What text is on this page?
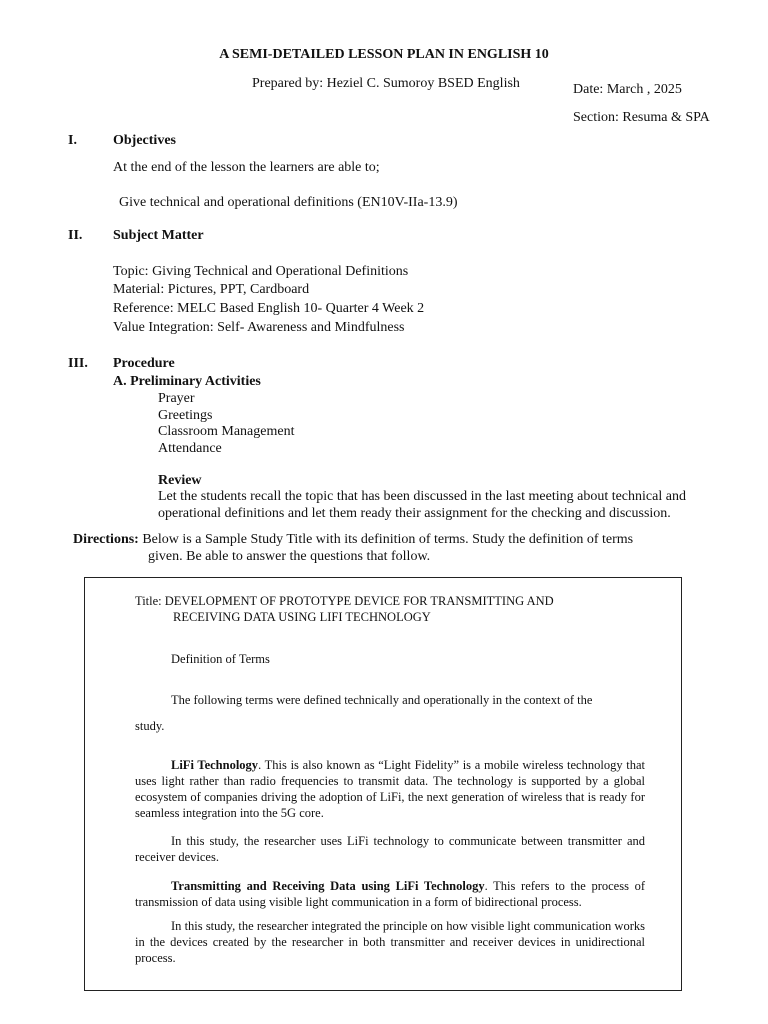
A SEMI-DETAILED LESSON PLAN IN ENGLISH 10
Prepared by: Heziel C. Sumoroy BSED English	Date: March , 2025
Section: Resuma & SPA
I.	Objectives
At the end of the lesson the learners are able to;
Give technical and operational definitions (EN10V-IIa-13.9)
II. Subject Matter
Topic: Giving Technical and Operational Definitions
Material: Pictures, PPT, Cardboard
Reference: MELC Based English 10- Quarter 4 Week 2
Value Integration: Self- Awareness and Mindfulness
III. Procedure
A. Preliminary Activities
Prayer
Greetings
Classroom Management
Attendance
Review
Let the students recall the topic that has been discussed in the last meeting about technical and operational definitions and let them ready their assignment for the checking and discussion.
Directions: Below is a Sample Study Title with its definition of terms. Study the definition of terms
given. Be able to answer the questions that follow.
Title: DEVELOPMENT OF PROTOTYPE DEVICE FOR TRANSMITTING AND
RECEIVING DATA USING LIFI TECHNOLOGY
Definition of Terms
The following terms were defined technically and operationally in the context of the
study.
LiFi Technology. This is also known as “Light Fidelity” is a mobile wireless technology that uses light rather than radio frequencies to transmit data. The technology is supported by a global ecosystem of companies driving the adoption of LiFi, the next generation of wireless that is ready for seamless integration into the 5G core.
In this study, the researcher uses LiFi technology to communicate between transmitter and receiver devices.
Transmitting and Receiving Data using LiFi Technology. This refers to the process of transmission of data using visible light communication in a form of bidirectional process.
In this study, the researcher integrated the principle on how visible light communication works in the devices created by the researcher in both transmitter and receiver devices in unidirectional process.
